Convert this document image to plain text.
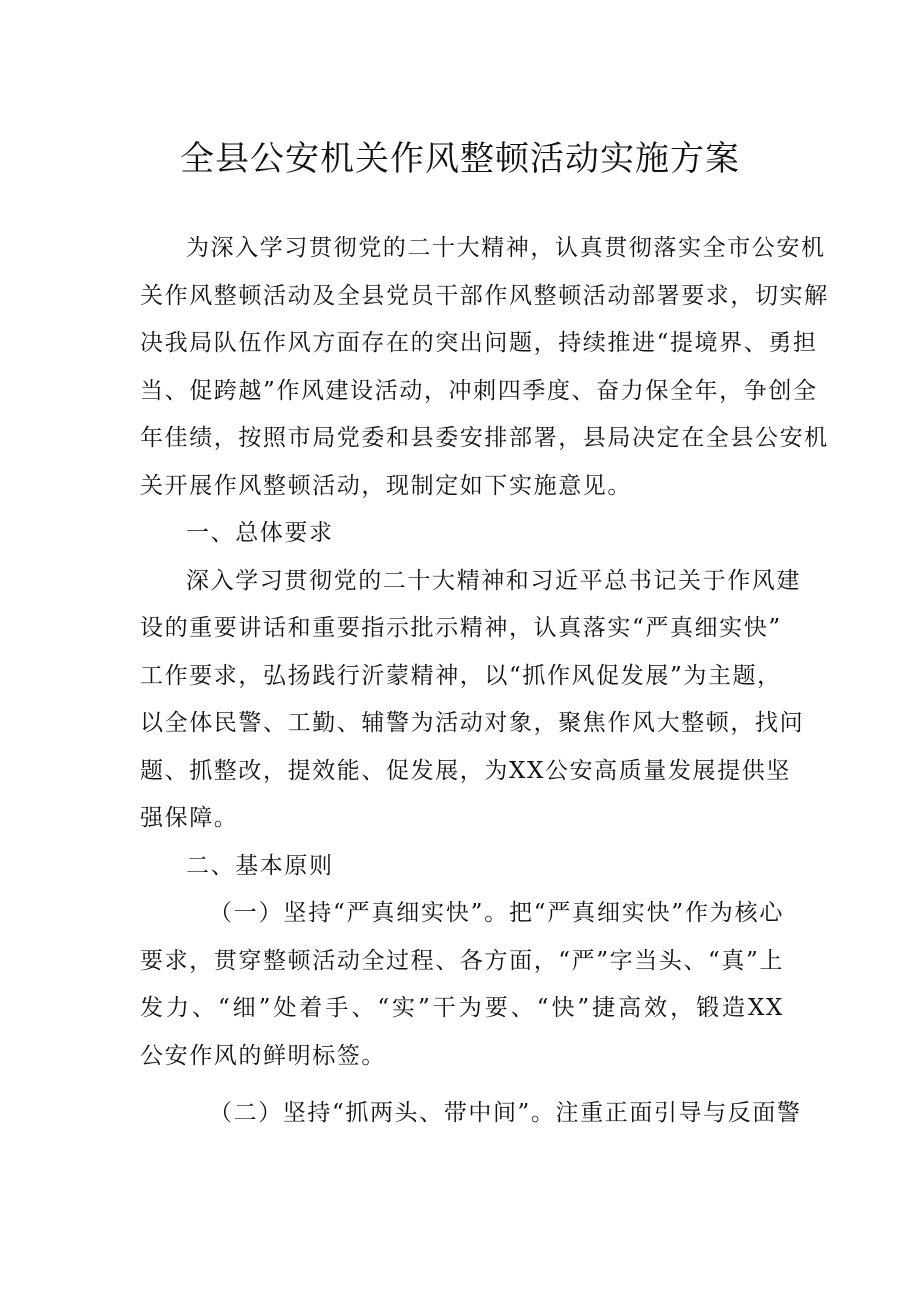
全县公安机关作风整顿活动实施方案
为深入学习贯彻党的二十大精神，认真贯彻落实全市公安机
关作风整顿活动及全县党员干部作风整顿活动部署要求，切实解
决我局队伍作风方面存在的突出问题，持续推进“提境界、勇担
当、促跨越”作风建设活动，冲刺四季度、奋力保全年，争创全
年佳绩，按照市局党委和县委安排部署，县局决定在全县公安机
关开展作风整顿活动，现制定如下实施意见。
一、总体要求
深入学习贯彻党的二十大精神和习近平总书记关于作风建
设的重要讲话和重要指示批示精神，认真落实“严真细实快”
工作要求，弘扬践行沂蒙精神，以“抓作风促发展”为主题，
以全体民警、工勤、辅警为活动对象，聚焦作风大整顿，找问
题、抓整改，提效能、促发展，为XX公安高质量发展提供坚
强保障。
二、基本原则
（一）坚持“严真细实快”。把“严真细实快”作为核心
要求，贯穿整顿活动全过程、各方面，“严”字当头、“真”上
发力、“细”处着手、“实”干为要、“快”捷高效，锻造XX
公安作风的鲜明标签。
（二）坚持“抓两头、带中间”。注重正面引导与反面警
